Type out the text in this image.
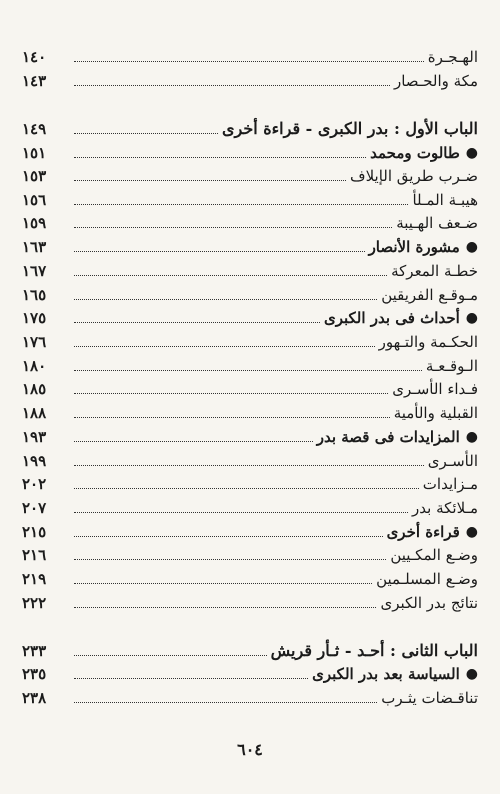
الهـجـرة
١٤٠
مكة والحـصار
١٤٣
الباب الأول : بدر الكبرى - قراءة أخرى
١٤٩
●
طالوت ومحمد
١٥١
ضـرب طريق الإيلاف
١٥٣
هيبـة المـلأ
١٥٦
ضـعف الهـيبة
١٥٩
●
مشورة الأنصار
١٦٣
خطـة المعركة
١٦٧
مـوقـع الفريقين
١٦٥
●
أحداث فى بدر الكبرى
١٧٥
الحكـمة والتـهور
١٧٦
الـوقـعـة
١٨٠
فـداء الأسـرى
١٨٥
القبلية والأمية
١٨٨
●
المزايدات فى قصة بدر
١٩٣
الأسـرى
١٩٩
مـزايدات
٢٠٢
مـلائكة بدر
٢٠٧
●
قراءة أخرى
٢١٥
وضـع المكـيين
٢١٦
وضـع المسلـمين
٢١٩
نتائج بدر الكبرى
٢٢٢
الباب الثانى : أحـد - ثـأر قريش
٢٣٣
●
السياسة بعد بدر الكبرى
٢٣٥
تناقـضات يثـرب
٢٣٨
٦٠٤
